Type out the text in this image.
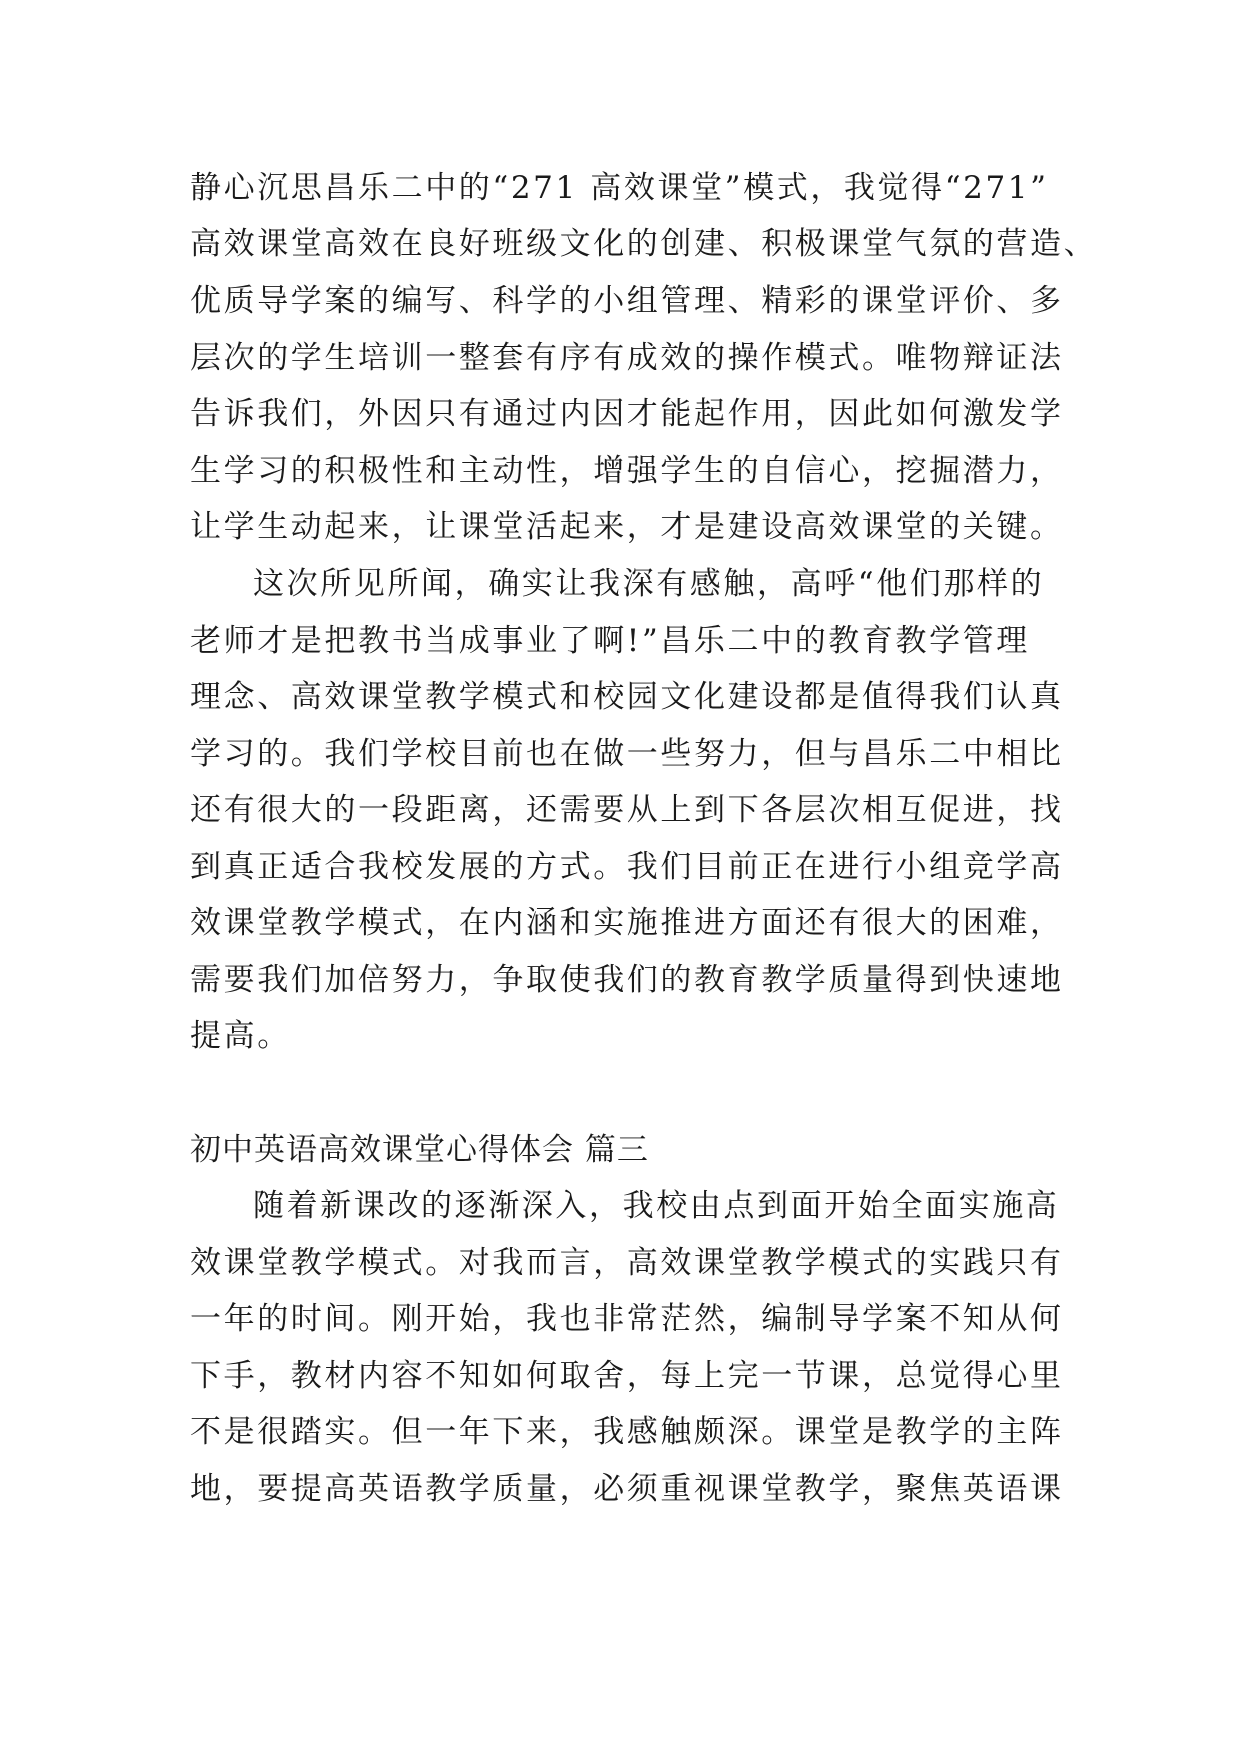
静心沉思昌乐二中的“271 高效课堂”模式，我觉得“271”
高效课堂高效在良好班级文化的创建、积极课堂气氛的营造、
优质导学案的编写、科学的小组管理、精彩的课堂评价、多
层次的学生培训一整套有序有成效的操作模式。唯物辩证法
告诉我们，外因只有通过内因才能起作用，因此如何激发学
生学习的积极性和主动性，增强学生的自信心，挖掘潜力，
让学生动起来，让课堂活起来，才是建设高效课堂的关键。
这次所见所闻，确实让我深有感触，高呼“他们那样的
老师才是把教书当成事业了啊!”昌乐二中的教育教学管理
理念、高效课堂教学模式和校园文化建设都是值得我们认真
学习的。我们学校目前也在做一些努力，但与昌乐二中相比
还有很大的一段距离，还需要从上到下各层次相互促进，找
到真正适合我校发展的方式。我们目前正在进行小组竞学高
效课堂教学模式，在内涵和实施推进方面还有很大的困难，
需要我们加倍努力，争取使我们的教育教学质量得到快速地
提高。
初中英语高效课堂心得体会 篇三
随着新课改的逐渐深入，我校由点到面开始全面实施高
效课堂教学模式。对我而言，高效课堂教学模式的实践只有
一年的时间。刚开始，我也非常茫然，编制导学案不知从何
下手，教材内容不知如何取舍，每上完一节课，总觉得心里
不是很踏实。但一年下来，我感触颇深。课堂是教学的主阵
地，要提高英语教学质量，必须重视课堂教学，聚焦英语课
